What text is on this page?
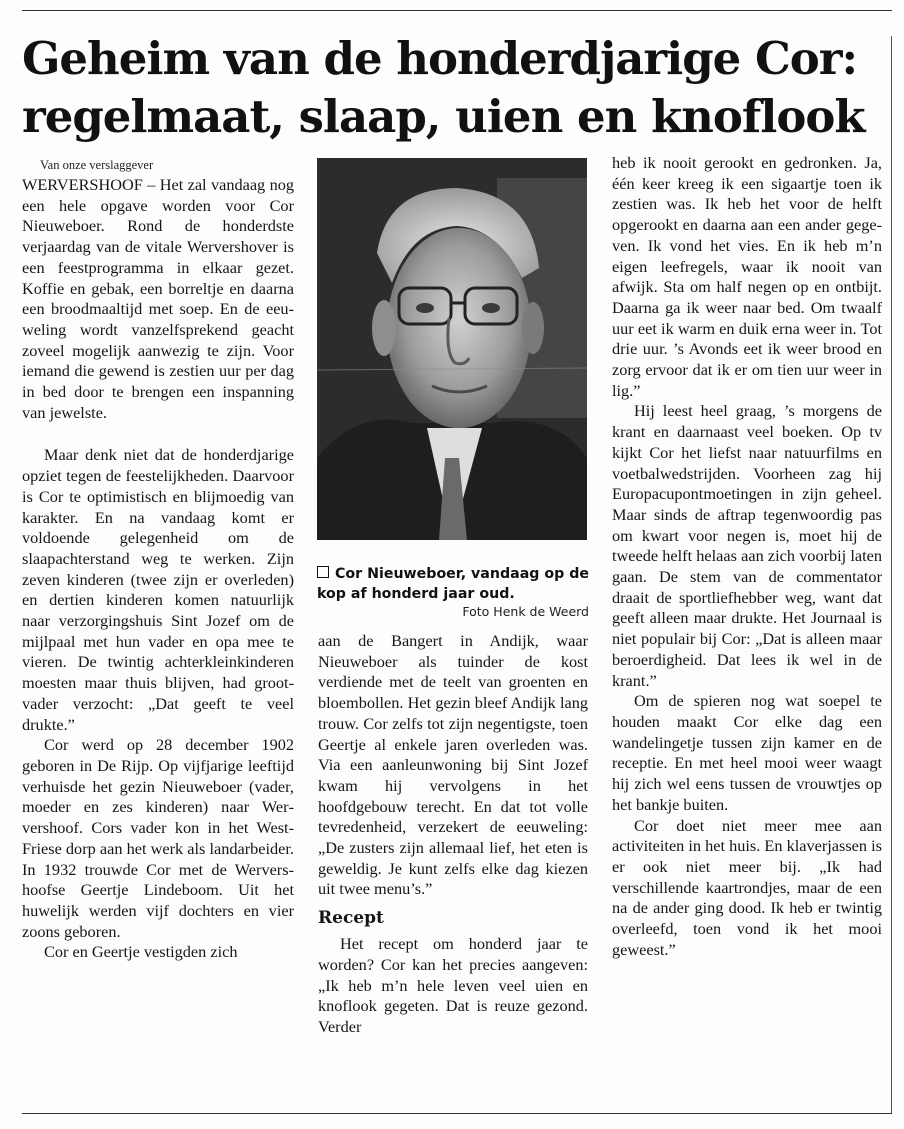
Geheim van de honderdjarige Cor:
regelmaat, slaap, uien en knoflook
Van onze verslaggever

WERVERSHOOF – Het zal vandaag nog een hele opgave worden voor Cor Nieuweboer. Rond de honderdste verjaardag van de vitale Wervershover is een feestprogramma in elkaar gezet. Koffie en gebak, een borreltje en daarna een broodmaaltijd met soep. En de eeuweling wordt vanzelfsprekend geacht zoveel mogelijk aanwezig te zijn. Voor iemand die gewend is zestien uur per dag in bed door te brengen een inspanning van jewelste.

Maar denk niet dat de honderdjarige opziet tegen de feestelijkheden. Daarvoor is Cor te optimistisch en blijmoedig van karakter. En na vandaag komt er voldoende gelegenheid om de slaapachterstand weg te werken. Zijn zeven kinderen (twee zijn er overleden) en dertien kinderen komen natuurlijk naar verzorgingshuis Sint Jozef om de mijlpaal met hun vader en opa mee te vieren. De twintig achterkleinkinderen moesten maar thuis blijven, had grootvader verzocht: „Dat geeft te veel drukte.”

Cor werd op 28 december 1902 geboren in De Rijp. Op vijfjarige leeftijd verhuisde het gezin Nieuweboer (vader, moeder en zes kinderen) naar Wervershoof. Cors vader kon in het West-Friese dorp aan het werk als landarbeider. In 1932 trouwde Cor met de Wervershoofse Geertje Lindeboom. Uit het huwelijk werden vijf dochters en vier zoons geboren.

Cor en Geertje vestigden zich

Cor Nieuweboer, vandaag op de kop af honderd jaar oud.
Foto Henk de Weerd

aan de Bangert in Andijk, waar Nieuweboer als tuinder de kost verdiende met de teelt van groenten en bloembollen. Het gezin bleef Andijk lang trouw. Cor zelfs tot zijn negentigste, toen Geertje al enkele jaren overleden was. Via een aanleunwoning bij Sint Jozef kwam hij vervolgens in het hoofdgebouw terecht. En dat tot volle tevredenheid, verzekert de eeuweling: „De zusters zijn allemaal lief, het eten is geweldig. Je kunt zelfs elke dag kiezen uit twee menu’s.”

Recept

Het recept om honderd jaar te worden? Cor kan het precies aangeven: „Ik heb m’n hele leven veel uien en knoflook gegeten. Dat is reuze gezond. Verder

heb ik nooit gerookt en gedronken. Ja, één keer kreeg ik een sigaartje toen ik zestien was. Ik heb het voor de helft opgerookt en daarna aan een ander gegeven. Ik vond het vies. En ik heb m’n eigen leefregels, waar ik nooit van afwijk. Sta om half negen op en ontbijt. Daarna ga ik weer naar bed. Om twaalf uur eet ik warm en duik erna weer in. Tot drie uur. ’s Avonds eet ik weer brood en zorg ervoor dat ik er om tien uur weer in lig.”

Hij leest heel graag, ’s morgens de krant en daarnaast veel boeken. Op tv kijkt Cor het liefst naar natuurfilms en voetbalwedstrijden. Voorheen zag hij Europacupontmoetingen in zijn geheel. Maar sinds de aftrap tegenwoordig pas om kwart voor negen is, moet hij de tweede helft helaas aan zich voorbij laten gaan. De stem van de commentator draait de sportliefhebber weg, want dat geeft alleen maar drukte. Het Journaal is niet populair bij Cor: „Dat is alleen maar beroerdigheid. Dat lees ik wel in de krant.”

Om de spieren nog wat soepel te houden maakt Cor elke dag een wandelingetje tussen zijn kamer en de receptie. En met heel mooi weer waagt hij zich wel eens tussen de vrouwtjes op het bankje buiten.

Cor doet niet meer mee aan activiteiten in het huis. En klaverjassen is er ook niet meer bij. „Ik had verschillende kaartrondjes, maar de een na de ander ging dood. Ik heb er twintig overleefd, toen vond ik het mooi geweest.”
